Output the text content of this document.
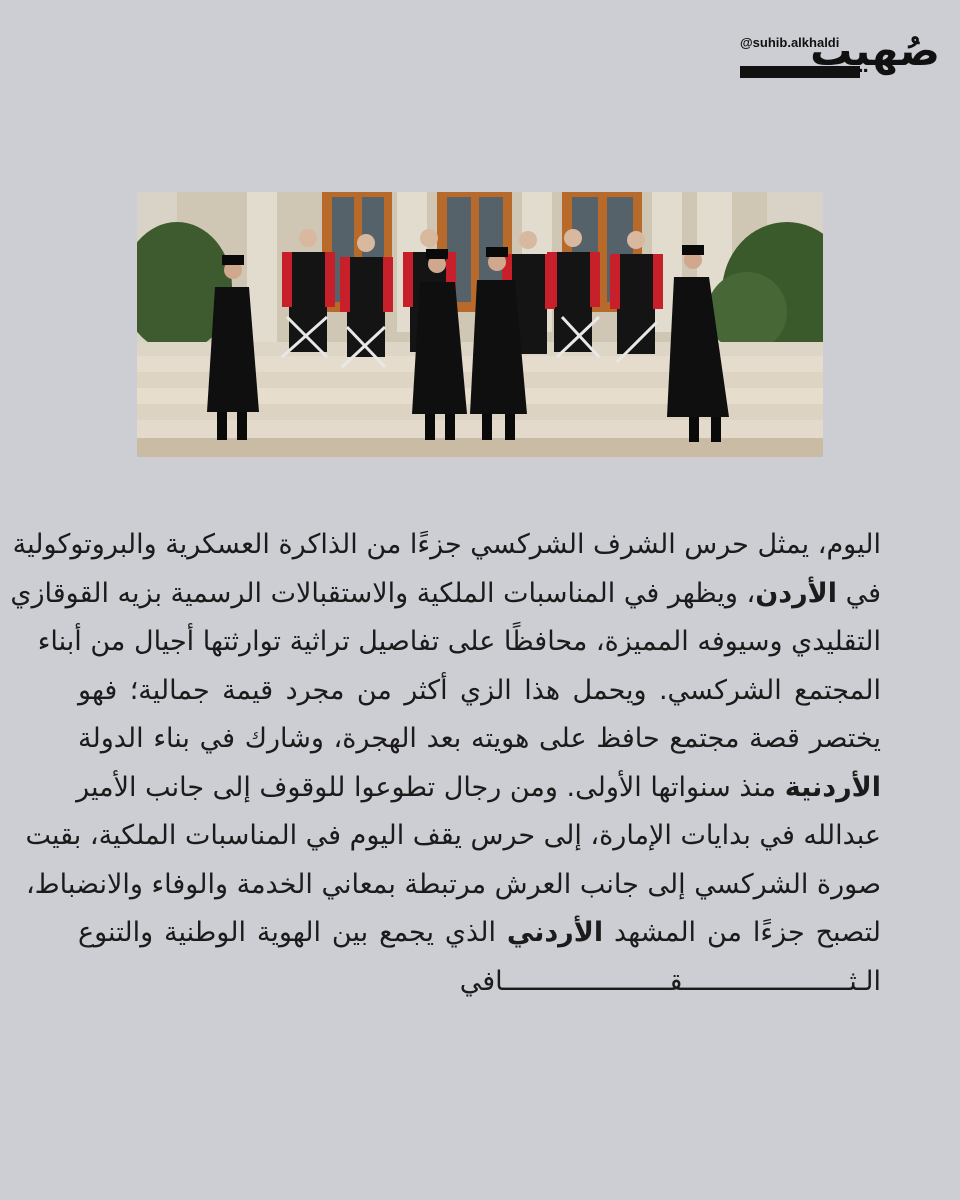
@suhib.alkhaldi
صُهيب
اليوم، يمثل حرس الشرف الشركسي جزءًا من الذاكرة العسكرية والبروتوكولية
في الأردن، ويظهر في المناسبات الملكية والاستقبالات الرسمية بزيه القوقازي
التقليدي وسيوفه المميزة، محافظًا على تفاصيل تراثية توارثتها أجيال من أبناء
المجتمع الشركسي. ويحمل هذا الزي أكثر من مجرد قيمة جمالية؛ فهو
يختصر قصة مجتمع حافظ على هويته بعد الهجرة، وشارك في بناء الدولة
الأردنية منذ سنواتها الأولى. ومن رجال تطوعوا للوقوف إلى جانب الأمير
عبدالله في بدايات الإمارة، إلى حرس يقف اليوم في المناسبات الملكية، بقيت
صورة الشركسي إلى جانب العرش مرتبطة بمعاني الخدمة والوفاء والانضباط،
لتصبح جزءًا من المشهد الأردني الذي يجمع بين الهوية الوطنية والتنوع
الـثـــــــــــــــــــــقـــــــــــــــــــــافي
